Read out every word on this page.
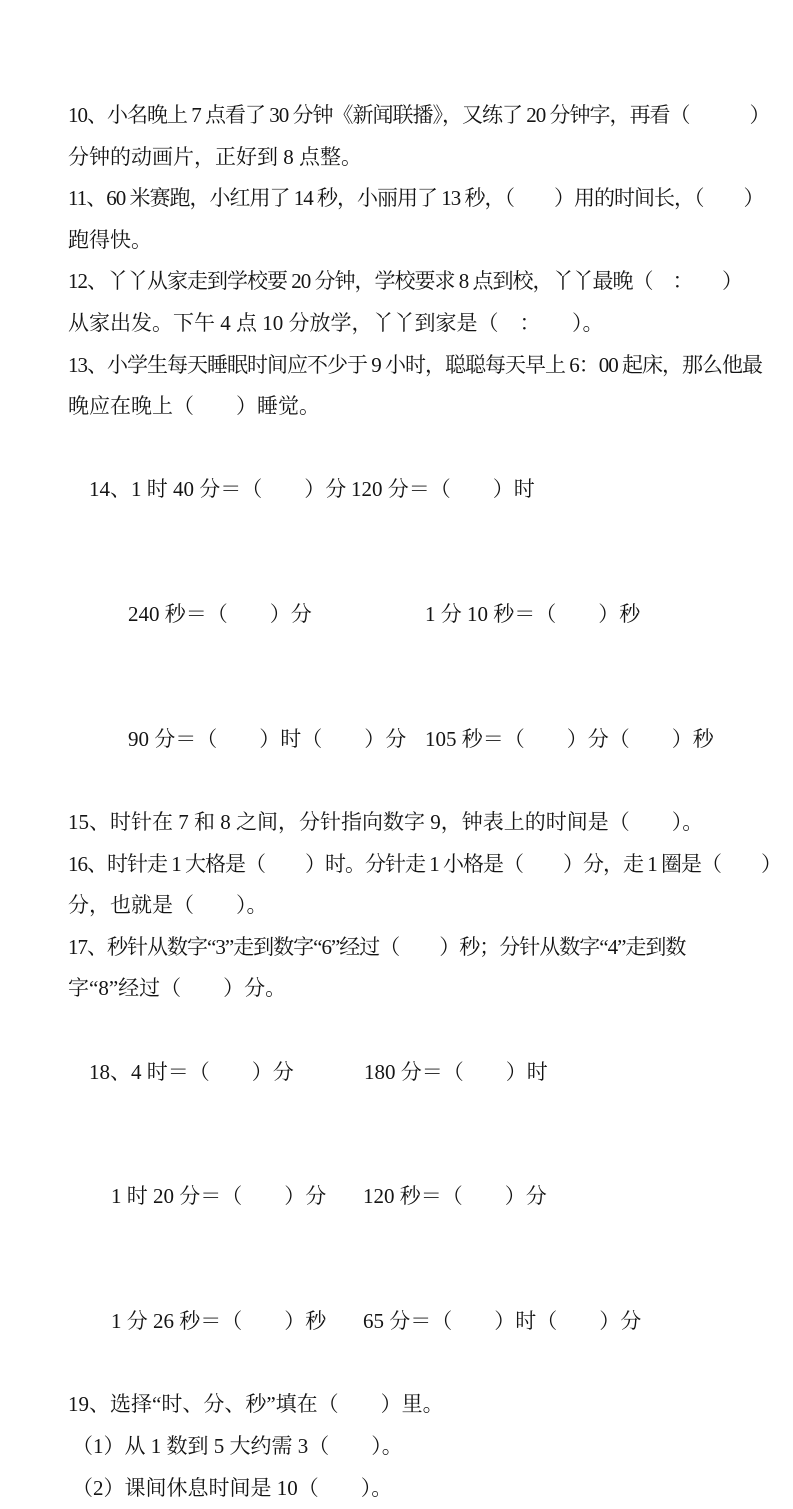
10、小名晚上 7 点看了 30 分钟《新闻联播》，又练了 20 分钟字，再看（　　　）
分钟的动画片，正好到 8 点整。
11、60 米赛跑，小红用了 14 秒，小丽用了 13 秒，（　　）用的时间长，（　　）
跑得快。
12、丫丫从家走到学校要 20 分钟，学校要求 8 点到校，丫丫最晚（　：　　）
从家出发。下午 4 点 10 分放学，丫丫到家是（　：　　）。
13、小学生每天睡眠时间应不少于 9 小时，聪聪每天早上 6：00 起床，那么他最
晚应在晚上（　　）睡觉。

14、1 时 40 分＝（　　）分 120 分＝（　　）时

240 秒＝（　　）分	1 分 10 秒＝（　　）秒

90 分＝（　　）时（　　）分 105 秒＝（　　）分（　　）秒

15、时针在 7 和 8 之间，分针指向数字 9，钟表上的时间是（　　）。
16、时针走 1 大格是（　　）时。分针走 1 小格是（　　）分，走 1 圈是（　　）
分，也就是（　　）。
17、秒针从数字“3”走到数字“6”经过（　　）秒；分针从数字“4”走到数
字“8”经过（　　）分。

18、4 时＝（　　）分	180 分＝（　　）时

1 时 20 分＝（　　）分 120 秒＝（　　）分

1 分 26 秒＝（　　）秒 65 分＝（　　）时（　　）分

19、选择“时、分、秒”填在（　　）里。
（1）从 1 数到 5 大约需 3（　　）。
（2）课间休息时间是 10（　　）。
